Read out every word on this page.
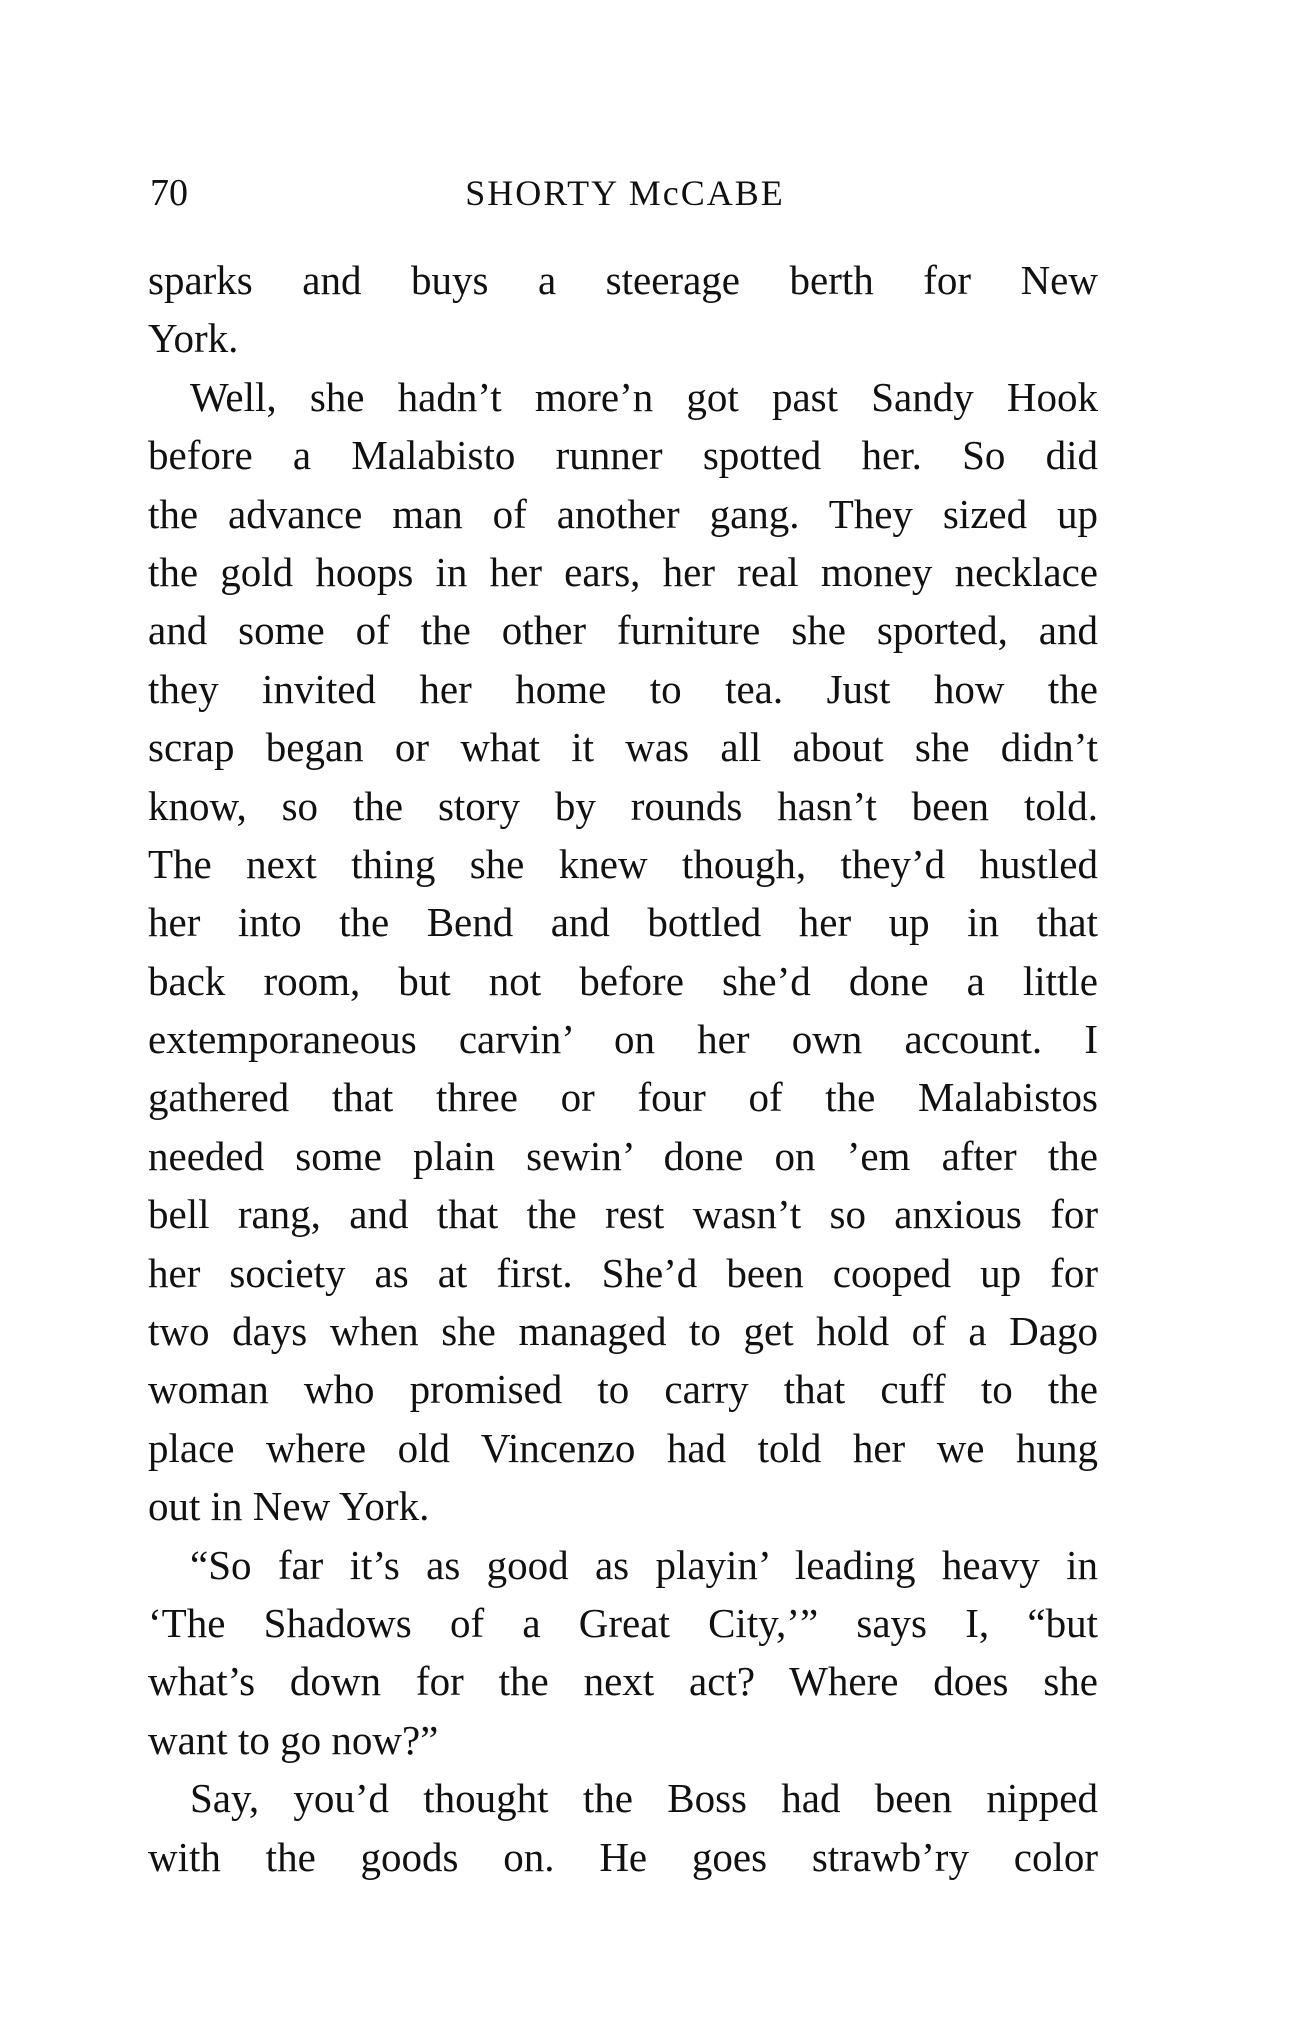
70	SHORTY McCABE
sparks and buys a steerage berth for New
York.
Well, she hadn’t more’n got past Sandy Hook
before a Malabisto runner spotted her. So did
the advance man of another gang. They sized up
the gold hoops in her ears, her real money necklace
and some of the other furniture she sported, and
they invited her home to tea. Just how the
scrap began or what it was all about she didn’t
know, so the story by rounds hasn’t been told.
The next thing she knew though, they’d hustled
her into the Bend and bottled her up in that
back room, but not before she’d done a little
extemporaneous carvin’ on her own account. I
gathered that three or four of the Malabistos
needed some plain sewin’ done on ’em after the
bell rang, and that the rest wasn’t so anxious for
her society as at first. She’d been cooped up for
two days when she managed to get hold of a Dago
woman who promised to carry that cuff to the
place where old Vincenzo had told her we hung
out in New York.
“So far it’s as good as playin’ leading heavy in
‘The Shadows of a Great City,’” says I, “but
what’s down for the next act? Where does she
want to go now?”
Say, you’d thought the Boss had been nipped
with the goods on. He goes strawb’ry color
